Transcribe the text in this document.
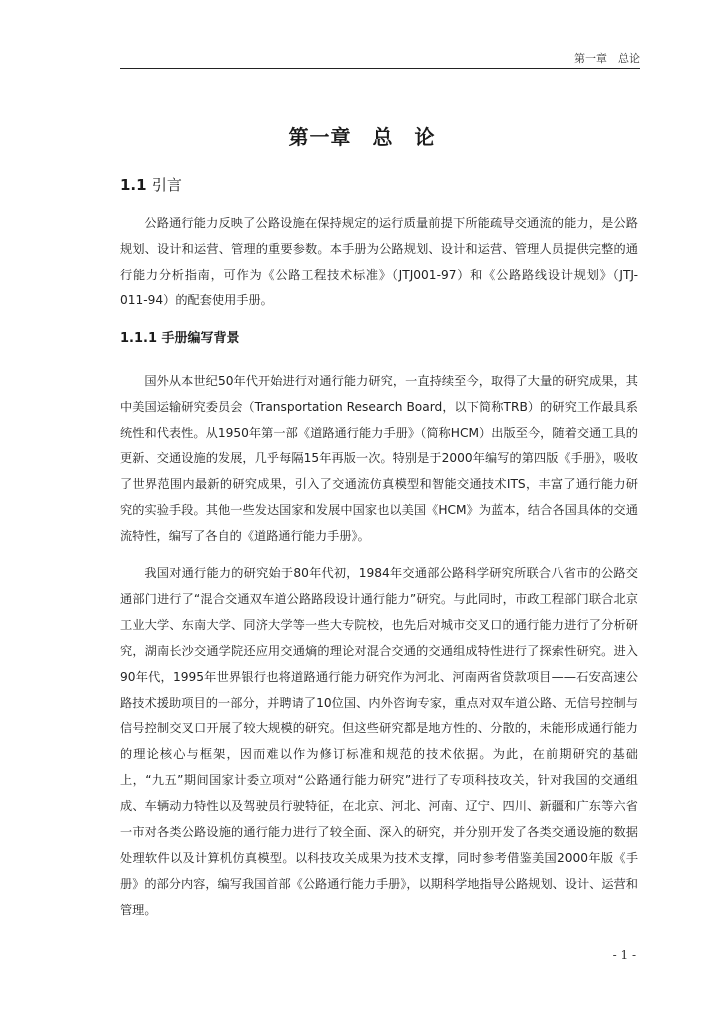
第一章　总论
第一章　总　论
1.1 引言

公路通行能力反映了公路设施在保持规定的运行质量前提下所能疏导交通流的能力，是公路规划、设计和运营、管理的重要参数。本手册为公路规划、设计和运营、管理人员提供完整的通行能力分析指南，可作为《公路工程技术标准》（JTJ001-97）和《公路路线设计规划》（JTJ-011-94）的配套使用手册。

1.1.1 手册编写背景

国外从本世纪50年代开始进行对通行能力研究，一直持续至今，取得了大量的研究成果，其中美国运输研究委员会（Transportation Research Board，以下简称TRB）的研究工作最具系统性和代表性。从1950年第一部《道路通行能力手册》（简称HCM）出版至今，随着交通工具的更新、交通设施的发展，几乎每隔15年再版一次。特别是于2000年编写的第四版《手册》，吸收了世界范围内最新的研究成果，引入了交通流仿真模型和智能交通技术ITS，丰富了通行能力研究的实验手段。其他一些发达国家和发展中国家也以美国《HCM》为蓝本，结合各国具体的交通流特性，编写了各自的《道路通行能力手册》。

我国对通行能力的研究始于80年代初，1984年交通部公路科学研究所联合八省市的公路交通部门进行了“混合交通双车道公路路段设计通行能力”研究。与此同时，市政工程部门联合北京工业大学、东南大学、同济大学等一些大专院校，也先后对城市交叉口的通行能力进行了分析研究，湖南长沙交通学院还应用交通熵的理论对混合交通的交通组成特性进行了探索性研究。进入90年代，1995年世界银行也将道路通行能力研究作为河北、河南两省贷款项目——石安高速公路技术援助项目的一部分，并聘请了10位国、内外咨询专家，重点对双车道公路、无信号控制与信号控制交叉口开展了较大规模的研究。但这些研究都是地方性的、分散的，未能形成通行能力的理论核心与框架，因而难以作为修订标准和规范的技术依据。为此，在前期研究的基础上，“九五”期间国家计委立项对“公路通行能力研究”进行了专项科技攻关，针对我国的交通组成、车辆动力特性以及驾驶员行驶特征，在北京、河北、河南、辽宁、四川、新疆和广东等六省一市对各类公路设施的通行能力进行了较全面、深入的研究，并分别开发了各类交通设施的数据处理软件以及计算机仿真模型。以科技攻关成果为技术支撑，同时参考借鉴美国2000年版《手册》的部分内容，编写我国首部《公路通行能力手册》，以期科学地指导公路规划、设计、运营和管理。

- 1 -
